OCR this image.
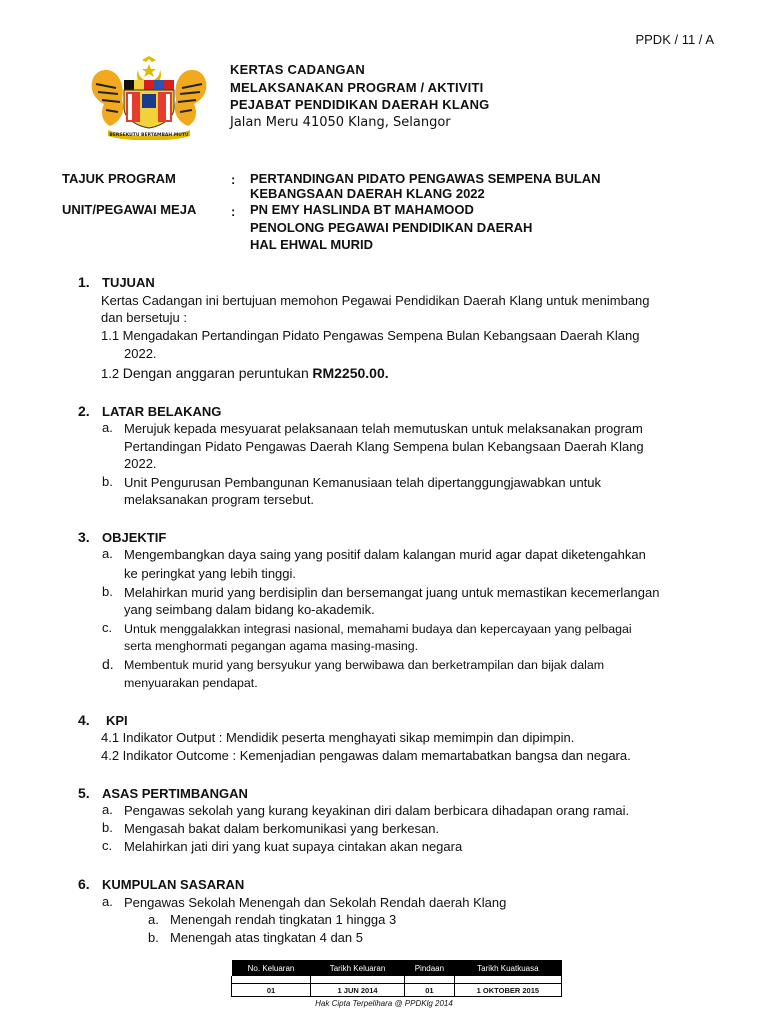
PPDK / 11 / A
BERSEKUTU BERTAMBAH MUTU
KERTAS CADANGAN
MELAKSANAKAN PROGRAM / AKTIVITI
PEJABAT PENDIDIKAN DAERAH KLANG
Jalan Meru 41050 Klang, Selangor
TAJUK PROGRAM	: PERTANDINGAN PIDATO PENGAWAS SEMPENA BULAN
KEBANGSAAN DAERAH KLANG 2022
UNIT/PEGAWAI MEJA	: PN EMY HASLINDA BT MAHAMOOD
PENOLONG PEGAWAI PENDIDIKAN DAERAH
HAL EHWAL MURID
1. TUJUAN
Kertas Cadangan ini bertujuan memohon Pegawai Pendidikan Daerah Klang untuk menimbang
dan bersetuju :
1.1 Mengadakan Pertandingan Pidato Pengawas Sempena Bulan Kebangsaan Daerah Klang
2022.
1.2 Dengan anggaran peruntukan RM2250.00.
2. LATAR BELAKANG
a. Merujuk kepada mesyuarat pelaksanaan telah memutuskan untuk melaksanakan program
Pertandingan Pidato Pengawas Daerah Klang Sempena bulan Kebangsaan Daerah Klang
2022.
b. Unit Pengurusan Pembangunan Kemanusiaan telah dipertanggungjawabkan untuk
melaksanakan program tersebut.
3. OBJEKTIF
a. Mengembangkan daya saing yang positif dalam kalangan murid agar dapat diketengahkan
ke peringkat yang lebih tinggi.
b. Melahirkan murid yang berdisiplin dan bersemangat juang untuk memastikan kecemerlangan
yang seimbang dalam bidang ko-akademik.
c. Untuk menggalakkan integrasi nasional, memahami budaya dan kepercayaan yang pelbagai
serta menghormati pegangan agama masing-masing.
d. Membentuk murid yang bersyukur yang berwibawa dan berketrampilan dan bijak dalam
menyuarakan pendapat.
4. KPI
4.1 Indikator Output : Mendidik peserta menghayati sikap memimpin dan dipimpin.
4.2 Indikator Outcome : Kemenjadian pengawas dalam memartabatkan bangsa dan negara.
5. ASAS PERTIMBANGAN
a. Pengawas sekolah yang kurang keyakinan diri dalam berbicara dihadapan orang ramai.
b. Mengasah bakat dalam berkomunikasi yang berkesan.
c. Melahirkan jati diri yang kuat supaya cintakan akan negara
6. KUMPULAN SASARAN
a. Pengawas Sekolah Menengah dan Sekolah Rendah daerah Klang
a. Menengah rendah tingkatan 1 hingga 3
b. Menengah atas tingkatan 4 dan 5
No. Keluaran	Tarikh Keluaran	Pindaan	Tarikh Kuatkuasa

01	1 JUN 2014	01	1 OKTOBER 2015
Hak Cipta Terpelihara @ PPDKlg 2014
